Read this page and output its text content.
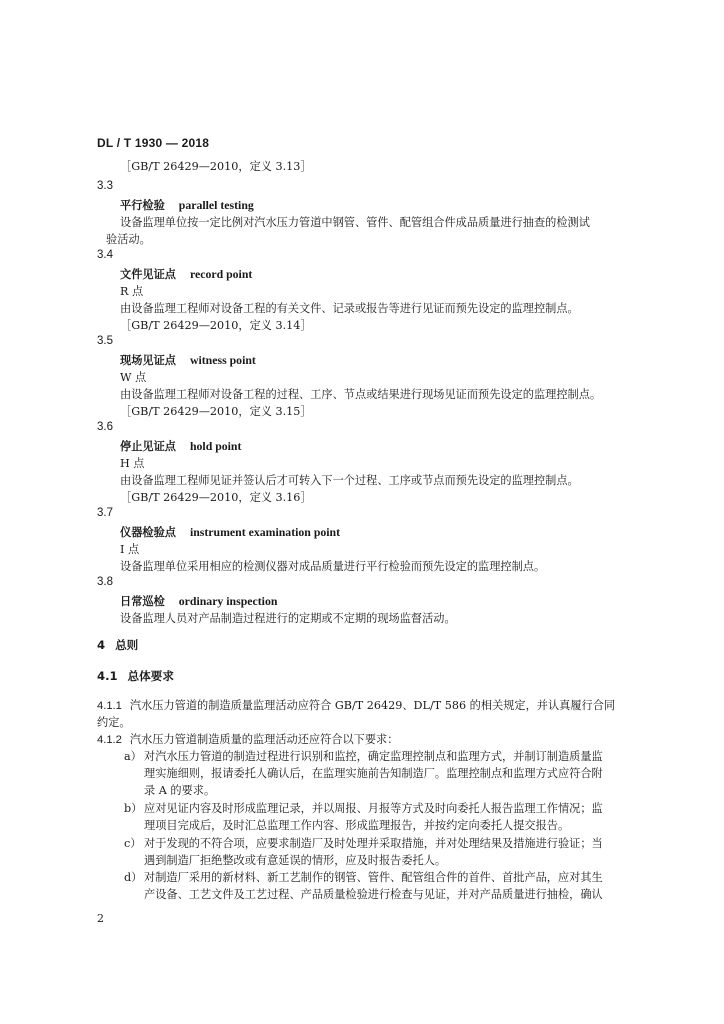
DL / T 1930 — 2018
［GB/T 26429—2010，定义 3.13］
3.3
平行检验 parallel testing
设备监理单位按一定比例对汽水压力管道中钢管、管件、配管组合件成品质量进行抽查的检测试
验活动。
3.4
文件见证点 record point
R 点
由设备监理工程师对设备工程的有关文件、记录或报告等进行见证而预先设定的监理控制点。
［GB/T 26429—2010，定义 3.14］
3.5
现场见证点 witness point
W 点
由设备监理工程师对设备工程的过程、工序、节点或结果进行现场见证而预先设定的监理控制点。
［GB/T 26429—2010，定义 3.15］
3.6
停止见证点 hold point
H 点
由设备监理工程师见证并签认后才可转入下一个过程、工序或节点而预先设定的监理控制点。
［GB/T 26429—2010，定义 3.16］
3.7
仪器检验点 instrument examination point
I 点
设备监理单位采用相应的检测仪器对成品质量进行平行检验而预先设定的监理控制点。
3.8
日常巡检 ordinary inspection
设备监理人员对产品制造过程进行的定期或不定期的现场监督活动。
4 总则
4.1 总体要求
4.1.1 汽水压力管道的制造质量监理活动应符合 GB/T 26429、DL/T 586 的相关规定，并认真履行合同
约定。
4.1.2 汽水压力管道制造质量的监理活动还应符合以下要求：
a） 对汽水压力管道的制造过程进行识别和监控，确定监理控制点和监理方式，并制订制造质量监
理实施细则，报请委托人确认后，在监理实施前告知制造厂。监理控制点和监理方式应符合附
录 A 的要求。
b） 应对见证内容及时形成监理记录，并以周报、月报等方式及时向委托人报告监理工作情况；监
理项目完成后，及时汇总监理工作内容、形成监理报告，并按约定向委托人提交报告。
c） 对于发现的不符合项，应要求制造厂及时处理并采取措施，并对处理结果及措施进行验证；当
遇到制造厂拒绝整改或有意延误的情形，应及时报告委托人。
d） 对制造厂采用的新材料、新工艺制作的钢管、管件、配管组合件的首件、首批产品，应对其生
产设备、工艺文件及工艺过程、产品质量检验进行检查与见证，并对产品质量进行抽检，确认
2
